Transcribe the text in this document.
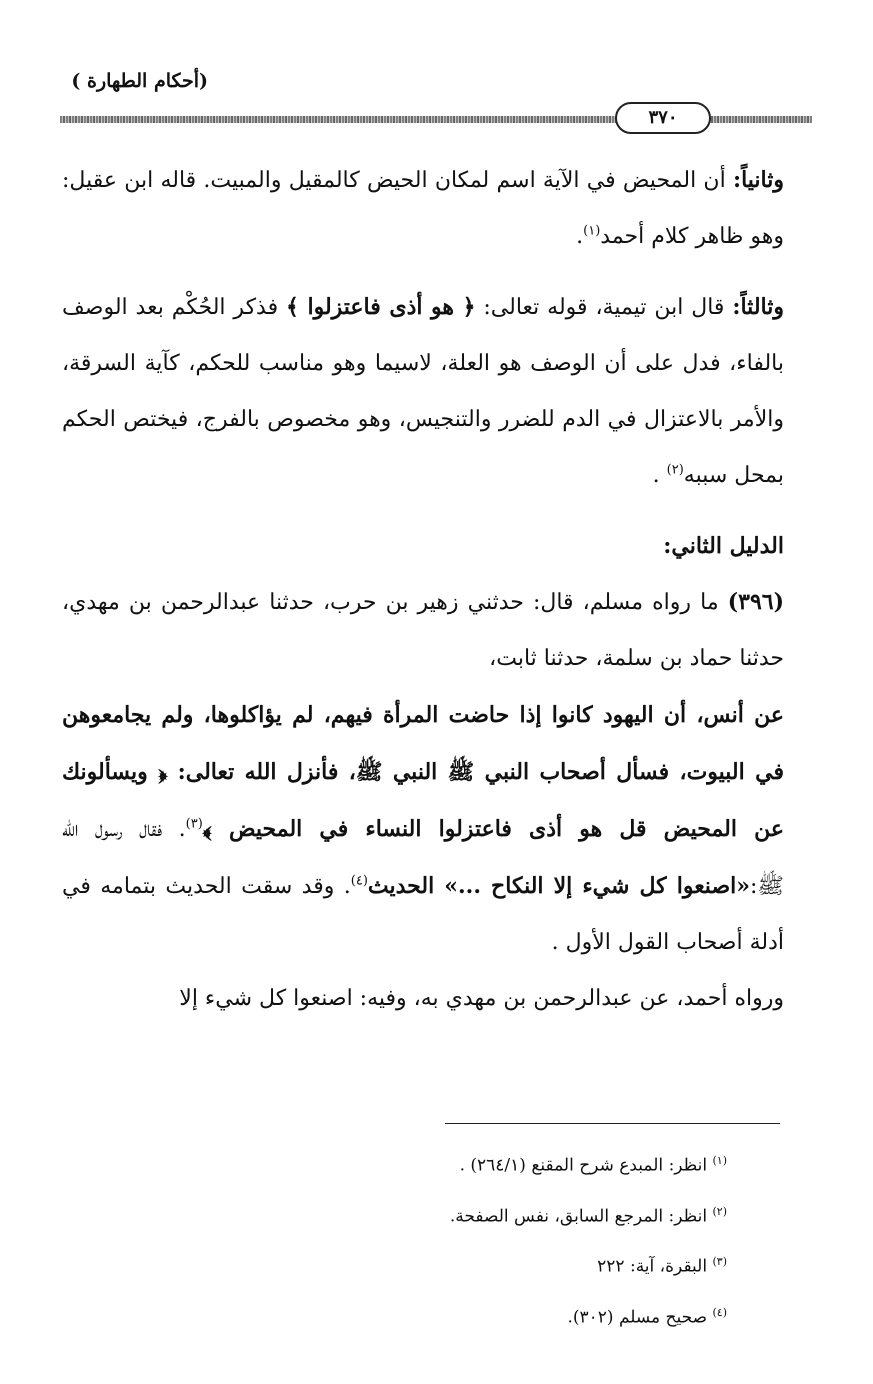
(أحكام الطهارة )
٣٧٠

وثانياً: أن المحيض في الآية اسم لمكان الحيض كالمقيل والمبيت. قاله ابن عقيل: وهو ظاهر كلام أحمد$^{(١)}$.

وثالثاً: قال ابن تيمية، قوله تعالى: ﴿ هو أذى فاعتزلوا ﴾ فذكر الحُكْم بعد الوصف بالفاء، فدل على أن الوصف هو العلة، لاسيما وهو مناسب للحكم، كآية السرقة، والأمر بالاعتزال في الدم للضرر والتنجيس، وهو مخصوص بالفرج، فيختص الحكم بمحل سببه$^{(٢)}$ .

الدليل الثاني:

(٣٩٦) ما رواه مسلم، قال: حدثني زهير بن حرب، حدثنا عبدالرحمن بن مهدي، حدثنا حماد بن سلمة، حدثنا ثابت،

عن أنس، أن اليهود كانوا إذا حاضت المرأة فيهم، لم يؤاكلوها، ولم يجامعوهن في البيوت، فسأل أصحاب النبي ﷺ النبي ﷺ، فأنزل الله تعالى: ﴿ ويسألونك عن المحيض قل هو أذى فاعتزلوا النساء في المحيض ﴾$^{(٣)}$. فقال رسول الله ﷺ:«اصنعوا كل شيء إلا النكاح ...» الحديث$^{(٤)}$. وقد سقت الحديث بتمامه في أدلة أصحاب القول الأول .

ورواه أحمد، عن عبدالرحمن بن مهدي به، وفيه: اصنعوا كل شيء إلا

$^{(١)}$ انظر: المبدع شرح المقنع (٢٦٤/١) .
$^{(٢)}$ انظر: المرجع السابق، نفس الصفحة.
$^{(٣)}$ البقرة، آية: ٢٢٢
$^{(٤)}$ صحيح مسلم (٣٠٢).
